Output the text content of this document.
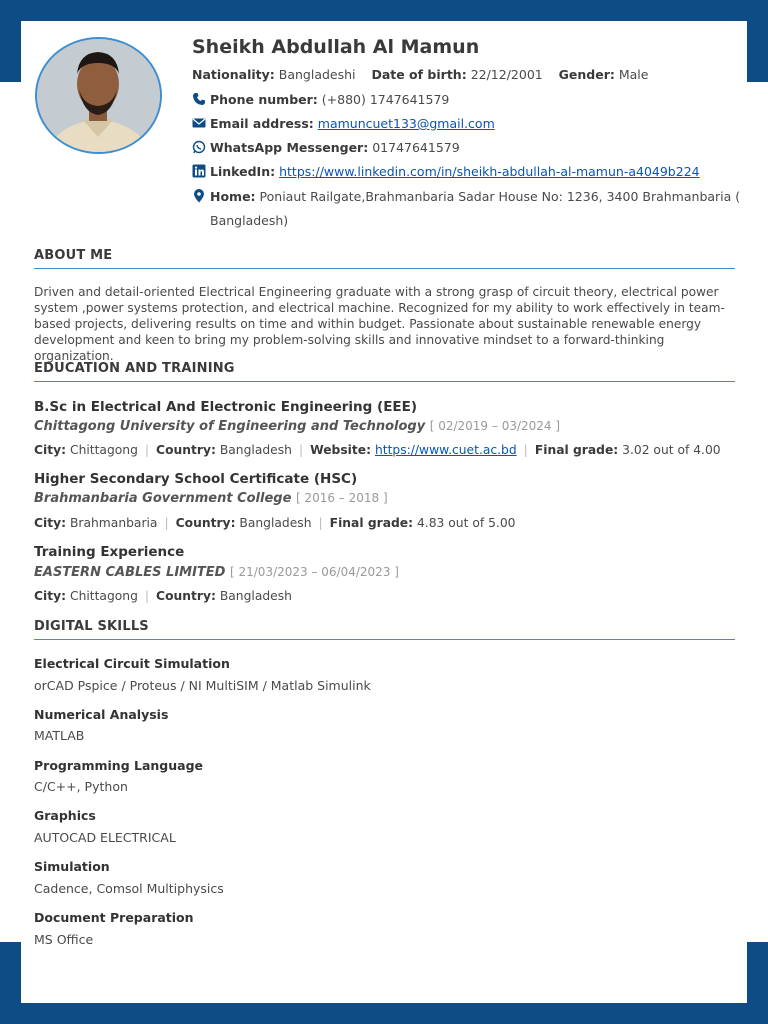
Sheikh Abdullah Al Mamun
Nationality: Bangladeshi Date of birth: 22/12/2001 Gender: Male
Phone number: (+880) 1747641579
Email address: mamuncuet133@gmail.com
WhatsApp Messenger: 01747641579
LinkedIn: https://www.linkedin.com/in/sheikh-abdullah-al-mamun-a4049b224
Home: Poniaut Railgate,Brahmanbaria Sadar House No: 1236, 3400 Brahmanbaria (
Bangladesh)
ABOUT ME
Driven and detail-oriented Electrical Engineering graduate with a strong grasp of circuit theory, electrical power system ,power systems protection, and electrical machine. Recognized for my ability to work effectively in team-based projects, delivering results on time and within budget. Passionate about sustainable renewable energy development and keen to bring my problem-solving skills and innovative mindset to a forward-thinking organization.
EDUCATION AND TRAINING
B.Sc in Electrical And Electronic Engineering (EEE)
Chittagong University of Engineering and Technology [ 02/2019 – 03/2024 ]
City: Chittagong | Country: Bangladesh | Website: https://www.cuet.ac.bd | Final grade: 3.02 out of 4.00
Higher Secondary School Certificate (HSC)
Brahmanbaria Government College [ 2016 – 2018 ]
City: Brahmanbaria | Country: Bangladesh | Final grade: 4.83 out of 5.00
Training Experience
EASTERN CABLES LIMITED [ 21/03/2023 – 06/04/2023 ]
City: Chittagong | Country: Bangladesh
DIGITAL SKILLS
Electrical Circuit Simulation
orCAD Pspice / Proteus / NI MultiSIM / Matlab Simulink
Numerical Analysis
MATLAB
Programming Language
C/C++, Python
Graphics
AUTOCAD ELECTRICAL
Simulation
Cadence, Comsol Multiphysics
Document Preparation
MS Office
